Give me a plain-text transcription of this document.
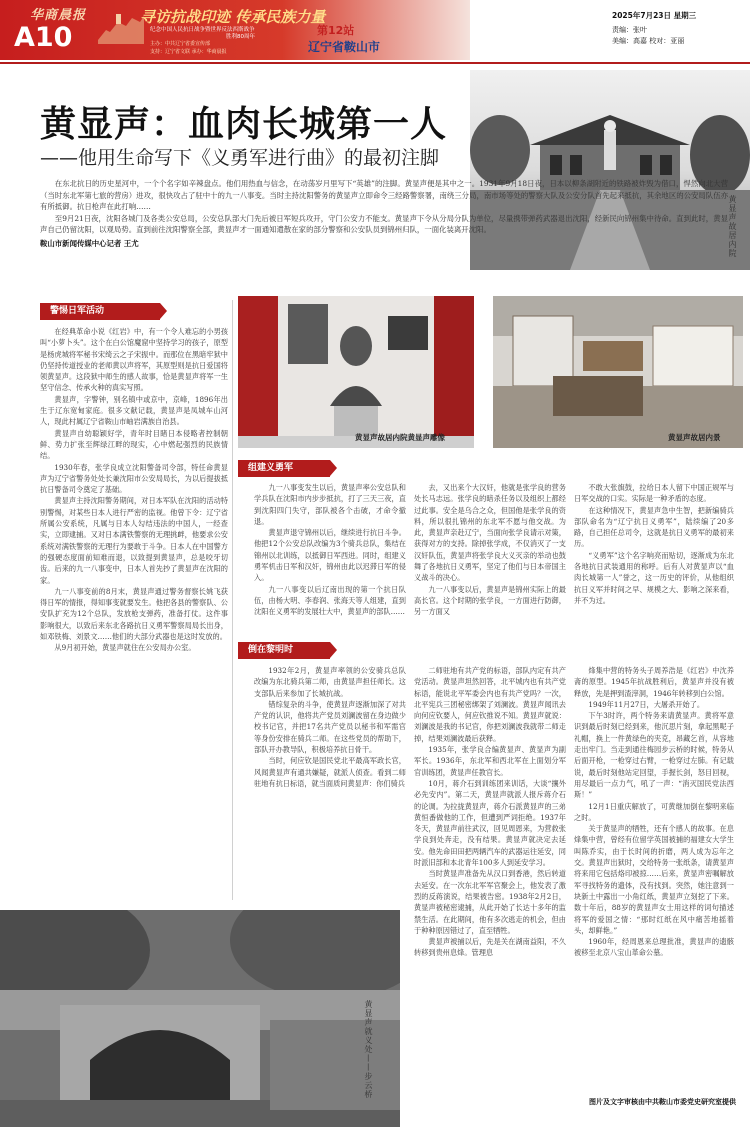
华商晨报
A10
寻访抗战印迹 传承民族力量
纪念中国人民抗日战争暨世界反法西斯战争
胜利80周年
主办：中共辽宁省委宣传部
支持：辽宁省文联 承办：华商晨报
第12站
辽宁省鞍山市
2025年7月23日 星期三
责编：张叶
美编：高嘉 校对：亚丽
黄显声故居内院
黄显声：血肉长城第一人
——他用生命写下《义勇军进行曲》的最初注脚

在东北抗日的历史星河中，一个个名字如辛辣盘点。他们用热血与信念，在动荡岁月里写下“英雄”的注脚。黄显声便是其中之一。1931年9月18日夜，日本以柳条湖附近的铁路被炸毁为借口，悍然向北大营（当时东北军第七旅的营房）进攻，很快攻占了驻中十的九一八事变。当时主持沈阳警务的黄显声立即命令三经路警察署，南绕三分局，南市场等处的警察大队及公安分队首先起来抵抗，其余地区的公安局队伍亦有所抵御。抗日枪声在此打响……

至9月21日夜，沈阳各城门及各类公安总局，公安总队部大门先后被日军短兵攻开，守门公安力不能支。黄显声下令从分局分队为单位，尽量携带弹药武器退出沈阳，经新民向锦州集中待命。直到此时，黄显声自己仍留沈阳，以观局势。直到前往沈阳警察全部，黄显声才一面通知遣散在家的部分警察和公安队员到锦州归队，一面化装离开沈阳。

鞍山市新闻传媒中心记者 王尤

警惕日军活动

在经典革命小说《红岩》中，有一个令人难忘的小男孩叫“小萝卜头”。这个在白公馆魔窟中坚持学习的孩子，原型是杨虎城将军秘书宋绮云之子宋振中。而那位在黑暗牢狱中仍坚持传道授业的老师黄以声将军，其原型则是抗日爱国将领黄显声。这段狱中师生的感人故事，恰是黄显声将军一生坚守信念、传承火种的真实写照。

黄显声，字警钟，别名镇中或京中，京峰，1896年出生于辽东宽甸家庭。很多文献记载，黄显声是凤城车山河人，现此村属辽宁省鞍山市岫岩满族自治县。

黄显声自幼聪颖好学，青年时目睹日本侵略者控制朝鲜、势力扩张至辉绿江畔的现实，心中燃起强烈的民族情结。

1930年春，张学良成立沈阳警备司令部，特任命黄显声为辽宁省警务处处长兼沈阳市公安局局长，为以后提拔抵抗日警备司令奠定了基础。

黄显声主持沈阳警务期间，对日本军队在沈阳的活动特别警惕，对某些日本人进行严密的监视。他曾下令：辽宁省所属公安系统，凡属与日本人勾结违法的中国人，一经查实，立即逮捕。又对日本满铁警察的无理挑衅，他要求公安系统对满铁警察的无理行为要敢于斗争。日本人在中国警方的强硬态度面前知难而退，以致提到黄显声，总是咬牙切齿。后来的九一八事变中，日本人首先抄了黄显声在沈阳的家。

九一八事变前的8月末，黄显声通过警务督察长姚飞获得日军的情报，得知事变就要发生。他把各县的警察队、公安队扩充为12个总队，发放枪支弹药，准备打仗。这件事影响很大，以致后来东北各路抗日义勇军警察局局长出身，如邓铁梅、刘景文……他们的大部分武器也是这时发放的。

从9月初开始，黄显声就住在公安局办公室。

黄显声故居内院黄显声雕像	黄显声故居内景
组建义勇军

九一八事变发生以后，黄显声率公安总队和学兵队在沈阳市内步步抵抗，打了三天三夜，直到沈阳四门失守，部队被各个击破，才命令撤退。

黄显声退守锦州以后，继续进行抗日斗争。他把12个公安总队改编为3个骑兵总队，集结在锦州以北训练，以抵御日军西进。同时，组建义勇军机击日军和汉奸，锦州由此以迟滞日军的侵入。

九一八事变以后辽南出现的第一个抗日队伍，由杨大明、李春润、张海天等人组建，直到沈阳在义勇军的发展壮大中，黄显声的部队……

去，又出来个大汉奸，他就是张学良的营务处长马志远。张学良的暗杀任务以及组织上都经过此事。安全是乌合之众，但国他是张学良的资料，所以很扎锦州的东北军不愿与他交战。为此，黄显声亲赴辽宁，当面向张学良请示对策，获得对方的支持。除掉张学成，不仅消灭了一支汉奸队伍，黄显声将张学良大义灭亲的举动也鼓舞了各地抗日义勇军，坚定了他们与日本帝国主义战斗的决心。

九一八事变以后，黄显声是锦州实际上的最高长官。这个时期的张学良，一方面进行防御，另一方面又

不敢大张旗鼓，拉给日本人留下中国正规军与日军交战的口实。实际是一种矛盾的态度。

在这种情况下，黄显声急中生智，把新编骑兵部队命名为“辽宁抗日义勇军”，陆续编了20多路，自己担任总司令，这就是抗日义勇军的最初来历。

“义勇军”这个名字响亮而贴切，逐渐成为东北各地抗日武装通用的称呼。后有人对黄显声以“血肉长城第一人”誉之，这一历史的评价，从他组织抗日义军并时间之早、规模之大、影响之深来看，并不为过。

倒在黎明时

1932年2月，黄显声率领的公安骑兵总队改编为东北骑兵第二师，由黄显声担任师长。这支部队后来参加了长城抗战。

错综复杂的斗争，使黄显声逐渐加深了对共产党的认识，他将共产党员刘澜波留在身边做少校书记官，并把17名共产党员以秘书和军需官等身份安排在骑兵二师。在这些党员的帮助下，部队开办教导队，积极培养抗日骨干。

当时，何应钦是国民党北平最高军政长官，风闻黄显声有通共嫌疑，就派人侦查。看到二师驻地有抗日标语，就当面质问黄显声：你们骑兵

二师驻地有共产党的标语，部队内定有共产党活动。黄显声坦然回答，北平城内也有共产党标语，能说北平军委会内也有共产党吗？一次，北平宪兵三团秘密绑架了刘澜波。黄显声闻讯去向何应钦要人，何应钦推说不知。黄显声就说：刘澜波是我的书记官，你把刘澜波我就带二师走掉，结果刘澜波最后获释。

1935年，张学良合编黄显声、黄显声为副军长。1936年，东北军和西北军在上面划分军官训练团，黄显声任教官长。

10月，蒋介石到训练团来训话，大谈“攘外必先安内”。第二天，黄显声就派人报斥蒋介石的论调。为拉拢黄显声，蒋介石派黄显声的三弟黄恒番做他的工作，但遭到严词拒绝。1937年冬天，黄显声前往武汉，回见周恩来，为营救张学良到处奔走，没有结果。黄显声就决定去延安。他先命田田把两辆汽车的武器运往延安，同时派旧部和本北青年100多人到延安学习。

当时黄显声准备先从汉口到香港，然后转道去延安。在一次东北军军官聚会上，他发表了激烈的反蒋演说，结果被告密。1938年2月2日，黄显声被秘密逮捕，从此开始了长达十多年的监禁生活。在此期间，他有多次逃走的机会，但由于种种原因错过了，直至牺牲。

黄显声被捕以后，先是关在湖南益阳，不久转移到贵州息烽。管理息

烽集中营的特务头子周养浩是《红岩》中沈养斋的原型。1945年抗战胜利后，黄显声并没有被释放，先是押到渣滓洞，1946年转移到白公馆。

1949年11月27日，大屠杀开始了。

下午3时许，两个特务来请黄显声。黄将军意识到最后时刻已经到来，他沉思片刻，拿起黑呢子礼帽，换上一件黄绿色的夹克，昂藏乞首，从容地走出牢门。当走到通往梅园步云桥的时候，特务从后面开枪，一枪穿过右臂，一枪穿过左肺。有记载说，最后时刻他站定回望，手握长剑，怒目回视，用尽最后一点力气，吼了一声：“消灭国民党法西斯！”

12月1日重庆解放了，可黄继加倒在黎明来临之时。

关于黄显声的牺牲，还有个感人的故事。在息烽集中营，曾经有位留学英国被捕的福建女大学生叫陈乔实，由于长时间的折磨，两人成为忘年之交。黄显声出狱时，交给特务一张纸条，请黄显声将来用它包括烙印被掠……后来，黄显声密嘱解放军寻找特务的遗体，没有找到。突然，她注意到一块新土中露出一小角红纸，黄显声立刻挖了下来。数十年后，88岁的黄显声女士用这样的词句描述将军的爱国之情：“那时红纸在风中痛苦地摇着头，却鲜艳。”

1960年，经周恩来总理批准，黄显声的遗骸被移至北京八宝山革命公墓。

图片及文字审核由中共鞍山市委党史研究室提供
黄显声就义处——步云桥
